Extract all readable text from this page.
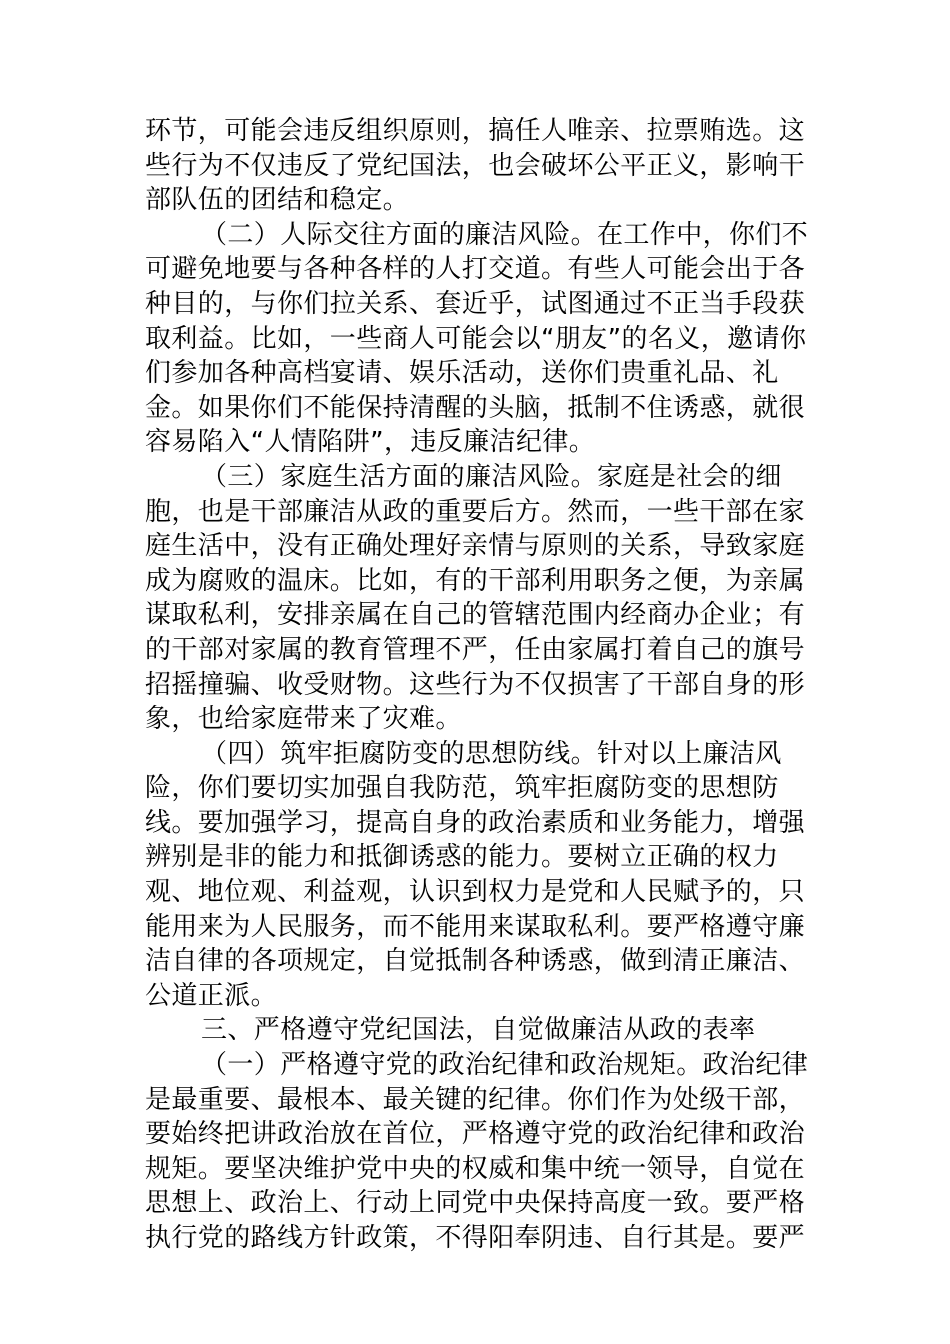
环节，可能会违反组织原则，搞任人唯亲、拉票贿选。这些行为不仅违反了党纪国法，也会破坏公平正义，影响干部队伍的团结和稳定。

（二）人际交往方面的廉洁风险。在工作中，你们不可避免地要与各种各样的人打交道。有些人可能会出于各种目的，与你们拉关系、套近乎，试图通过不正当手段获取利益。比如，一些商人可能会以“朋友”的名义，邀请你们参加各种高档宴请、娱乐活动，送你们贵重礼品、礼金。如果你们不能保持清醒的头脑，抵制不住诱惑，就很容易陷入“人情陷阱”，违反廉洁纪律。

（三）家庭生活方面的廉洁风险。家庭是社会的细胞，也是干部廉洁从政的重要后方。然而，一些干部在家庭生活中，没有正确处理好亲情与原则的关系，导致家庭成为腐败的温床。比如，有的干部利用职务之便，为亲属谋取私利，安排亲属在自己的管辖范围内经商办企业；有的干部对家属的教育管理不严，任由家属打着自己的旗号招摇撞骗、收受财物。这些行为不仅损害了干部自身的形象，也给家庭带来了灾难。

（四）筑牢拒腐防变的思想防线。针对以上廉洁风险，你们要切实加强自我防范，筑牢拒腐防变的思想防线。要加强学习，提高自身的政治素质和业务能力，增强辨别是非的能力和抵御诱惑的能力。要树立正确的权力观、地位观、利益观，认识到权力是党和人民赋予的，只能用来为人民服务，而不能用来谋取私利。要严格遵守廉洁自律的各项规定，自觉抵制各种诱惑，做到清正廉洁、公道正派。

三、严格遵守党纪国法，自觉做廉洁从政的表率

（一）严格遵守党的政治纪律和政治规矩。政治纪律是最重要、最根本、最关键的纪律。你们作为处级干部，要始终把讲政治放在首位，严格遵守党的政治纪律和政治规矩。要坚决维护党中央的权威和集中统一领导，自觉在思想上、政治上、行动上同党中央保持高度一致。要严格执行党的路线方针政策，不得阳奉阴违、自行其是。要严
